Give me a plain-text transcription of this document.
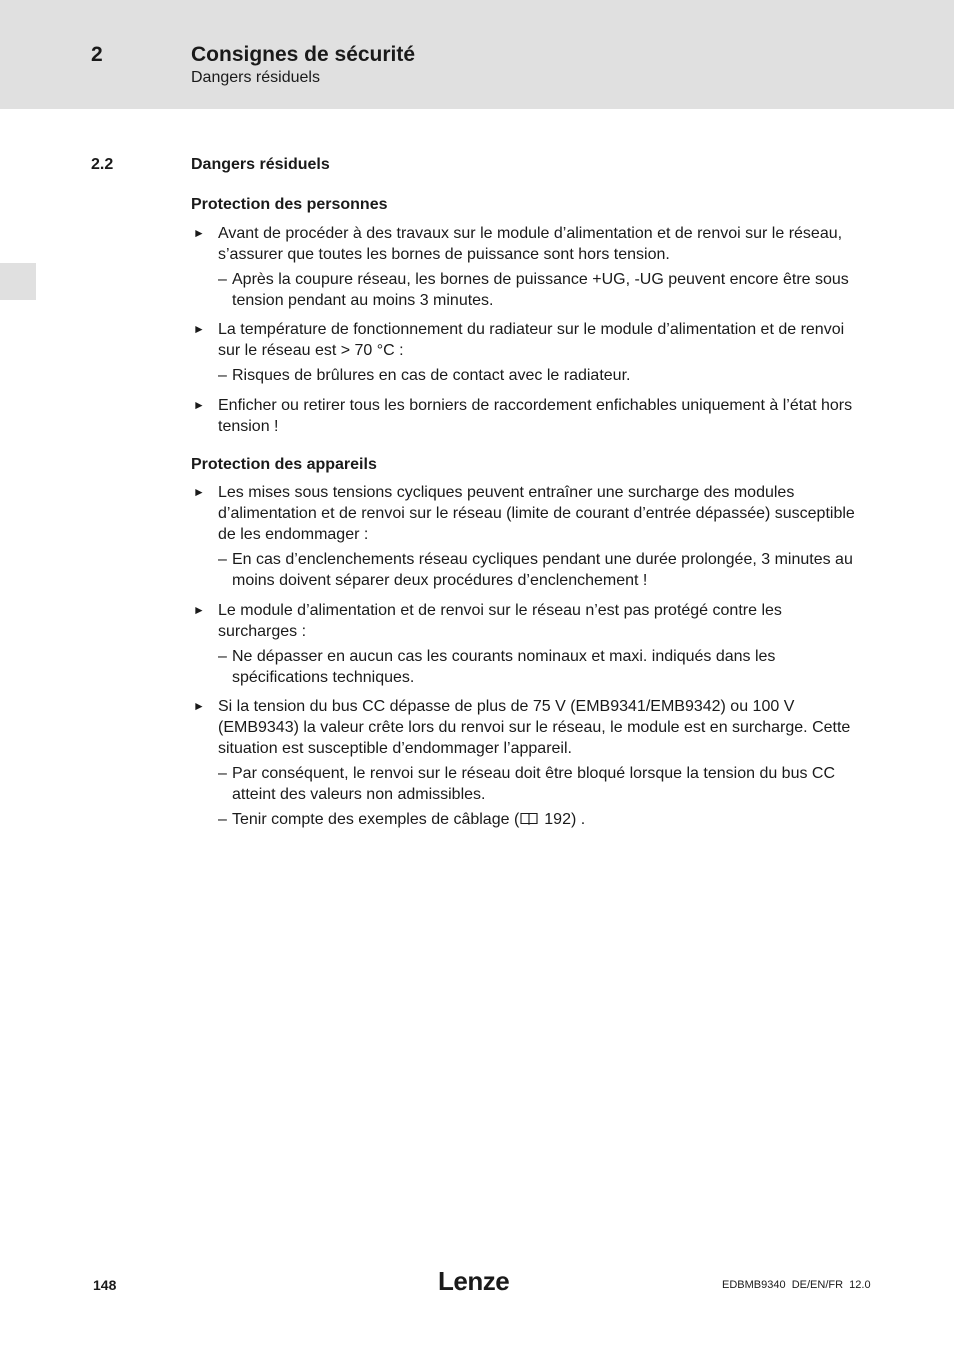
2	Consignes de sécurité
Dangers résiduels
2.2	Dangers résiduels
Protection des personnes
► Avant de procéder à des travaux sur le module d’alimentation et de renvoi sur le réseau, s’assurer que toutes les bornes de puissance sont hors tension.
– Après la coupure réseau, les bornes de puissance +UG, -UG peuvent encore être sous tension pendant au moins 3 minutes.
► La température de fonctionnement du radiateur sur le module d’alimentation et de renvoi sur le réseau est > 70 °C :
– Risques de brûlures en cas de contact avec le radiateur.
► Enficher ou retirer tous les borniers de raccordement enfichables uniquement à l’état hors tension !
Protection des appareils
► Les mises sous tensions cycliques peuvent entraîner une surcharge des modules d’alimentation et de renvoi sur le réseau (limite de courant d’entrée dépassée) susceptible de les endommager :
– En cas d’enclenchements réseau cycliques pendant une durée prolongée, 3 minutes au moins doivent séparer deux procédures d’enclenchement !
► Le module d’alimentation et de renvoi sur le réseau n’est pas protégé contre les surcharges :
– Ne dépasser en aucun cas les courants nominaux et maxi. indiqués dans les spécifications techniques.
► Si la tension du bus CC dépasse de plus de 75 V (EMB9341/EMB9342) ou 100 V (EMB9343) la valeur crête lors du renvoi sur le réseau, le module est en surcharge. Cette situation est susceptible d’endommager l’appareil.
– Par conséquent, le renvoi sur le réseau doit être bloqué lorsque la tension du bus CC atteint des valeurs non admissibles.
– Tenir compte des exemples de câblage ( 192) .
148	Lenze	EDBMB9340  DE/EN/FR  12.0
